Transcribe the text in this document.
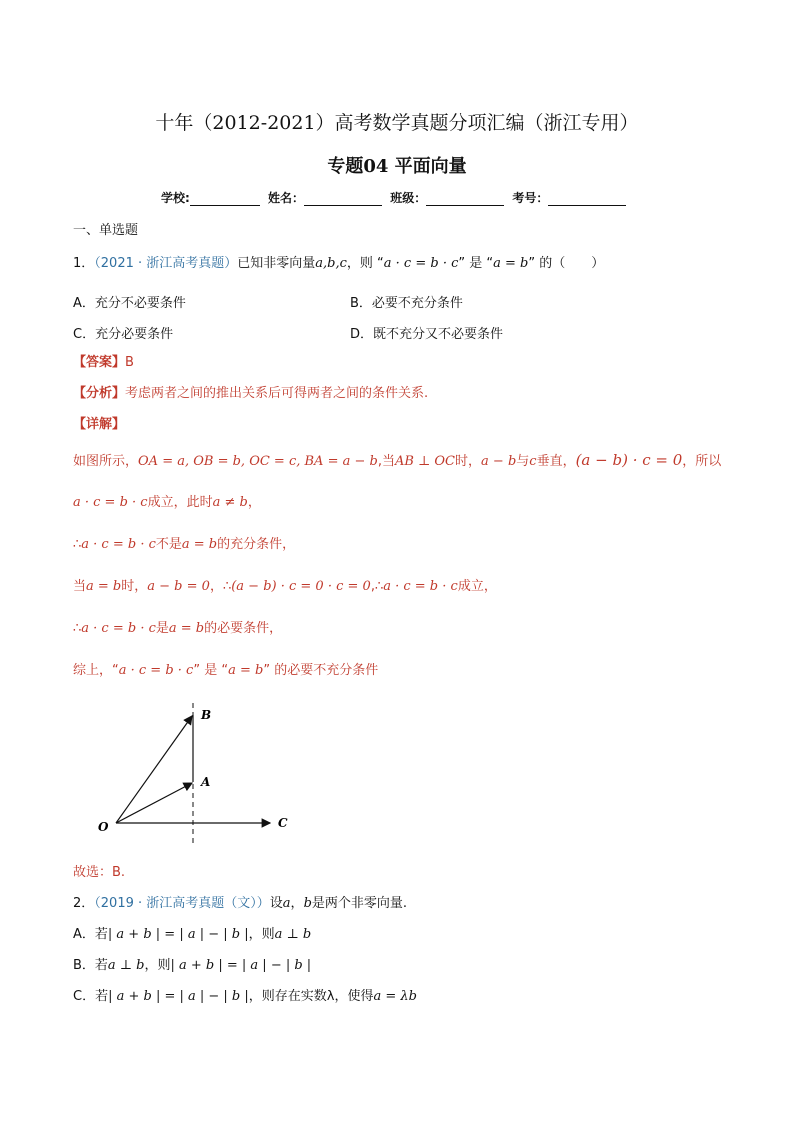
十年（2012-2021）高考数学真题分项汇编（浙江专用）
专题04 平面向量
学校:	姓名：	班级：	考号：
一、单选题
1．（2021 · 浙江高考真题）已知非零向量a,b,c，则 “a · c = b · c” 是 “a = b” 的（　　）
A．充分不必要条件	B．必要不充分条件
C．充分必要条件	D．既不充分又不必要条件
【答案】B
【分析】考虑两者之间的推出关系后可得两者之间的条件关系.
【详解】
如图所示，OA = a, OB = b, OC = c, BA = a − b,当AB ⊥ OC时，a − b与c垂直，(a − b) · c = 0，所以
a · c = b · c成立，此时a ≠ b，
∴a · c = b · c不是a = b的充分条件，
当a = b时，a − b = 0，∴(a − b) · c = 0 · c = 0,∴a · c = b · c成立，
∴a · c = b · c是a = b的必要条件，
综上，“a · c = b · c” 是 “a = b” 的必要不充分条件
O
A
B
C
故选：B.
2．（2019 · 浙江高考真题（文））设a，b是两个非零向量.
A．若| a + b | = | a | − | b |，则a ⊥ b
B．若a ⊥ b，则| a + b | = | a | − | b |
C．若| a + b | = | a | − | b |，则存在实数λ，使得a = λb
